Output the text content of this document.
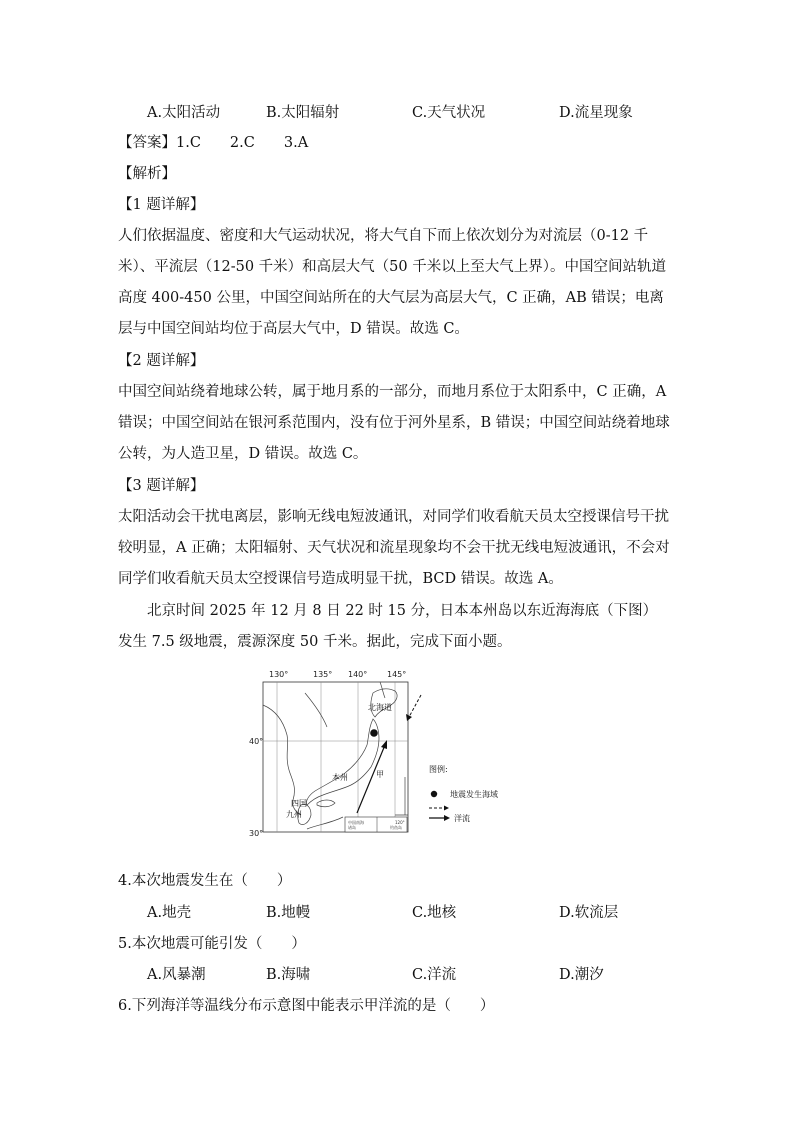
A.太阳活动	B.太阳辐射	C.天气状况	D.流星现象
【答案】1.C　　2.C　　3.A
【解析】
【1 题详解】
人们依据温度、密度和大气运动状况，将大气自下而上依次划分为对流层（0-12 千米）、平流层（12-50 千米）和高层大气（50 千米以上至大气上界）。中国空间站轨道高度 400-450 公里，中国空间站所在的大气层为高层大气，C 正确，AB 错误；电离层与中国空间站均位于高层大气中，D 错误。故选 C。
【2 题详解】
中国空间站绕着地球公转，属于地月系的一部分，而地月系位于太阳系中，C 正确，A 错误；中国空间站在银河系范围内，没有位于河外星系，B 错误；中国空间站绕着地球公转，为人造卫星，D 错误。故选 C。
【3 题详解】
太阳活动会干扰电离层，影响无线电短波通讯，对同学们收看航天员太空授课信号干扰较明显，A 正确；太阳辐射、天气状况和流星现象均不会干扰无线电短波通讯，不会对同学们收看航天员太空授课信号造成明显干扰，BCD 错误。故选 A。
北京时间 2025 年 12 月 8 日 22 时 15 分，日本本州岛以东近海海底（下图）发生 7.5 级地震，震源深度 50 千米。据此，完成下面小题。
130°	135° 140° 145°
40°
30°
中国南海
诸岛
120°
钓鱼岛
北海道
本州	甲
四国
九州
图例:
地震发生海域
洋流
4.本次地震发生在（　　）
A.地壳	B.地幔	C.地核	D.软流层
5.本次地震可能引发（　　）
A.风暴潮	B.海啸	C.洋流	D.潮汐
6.下列海洋等温线分布示意图中能表示甲洋流的是（　　）
